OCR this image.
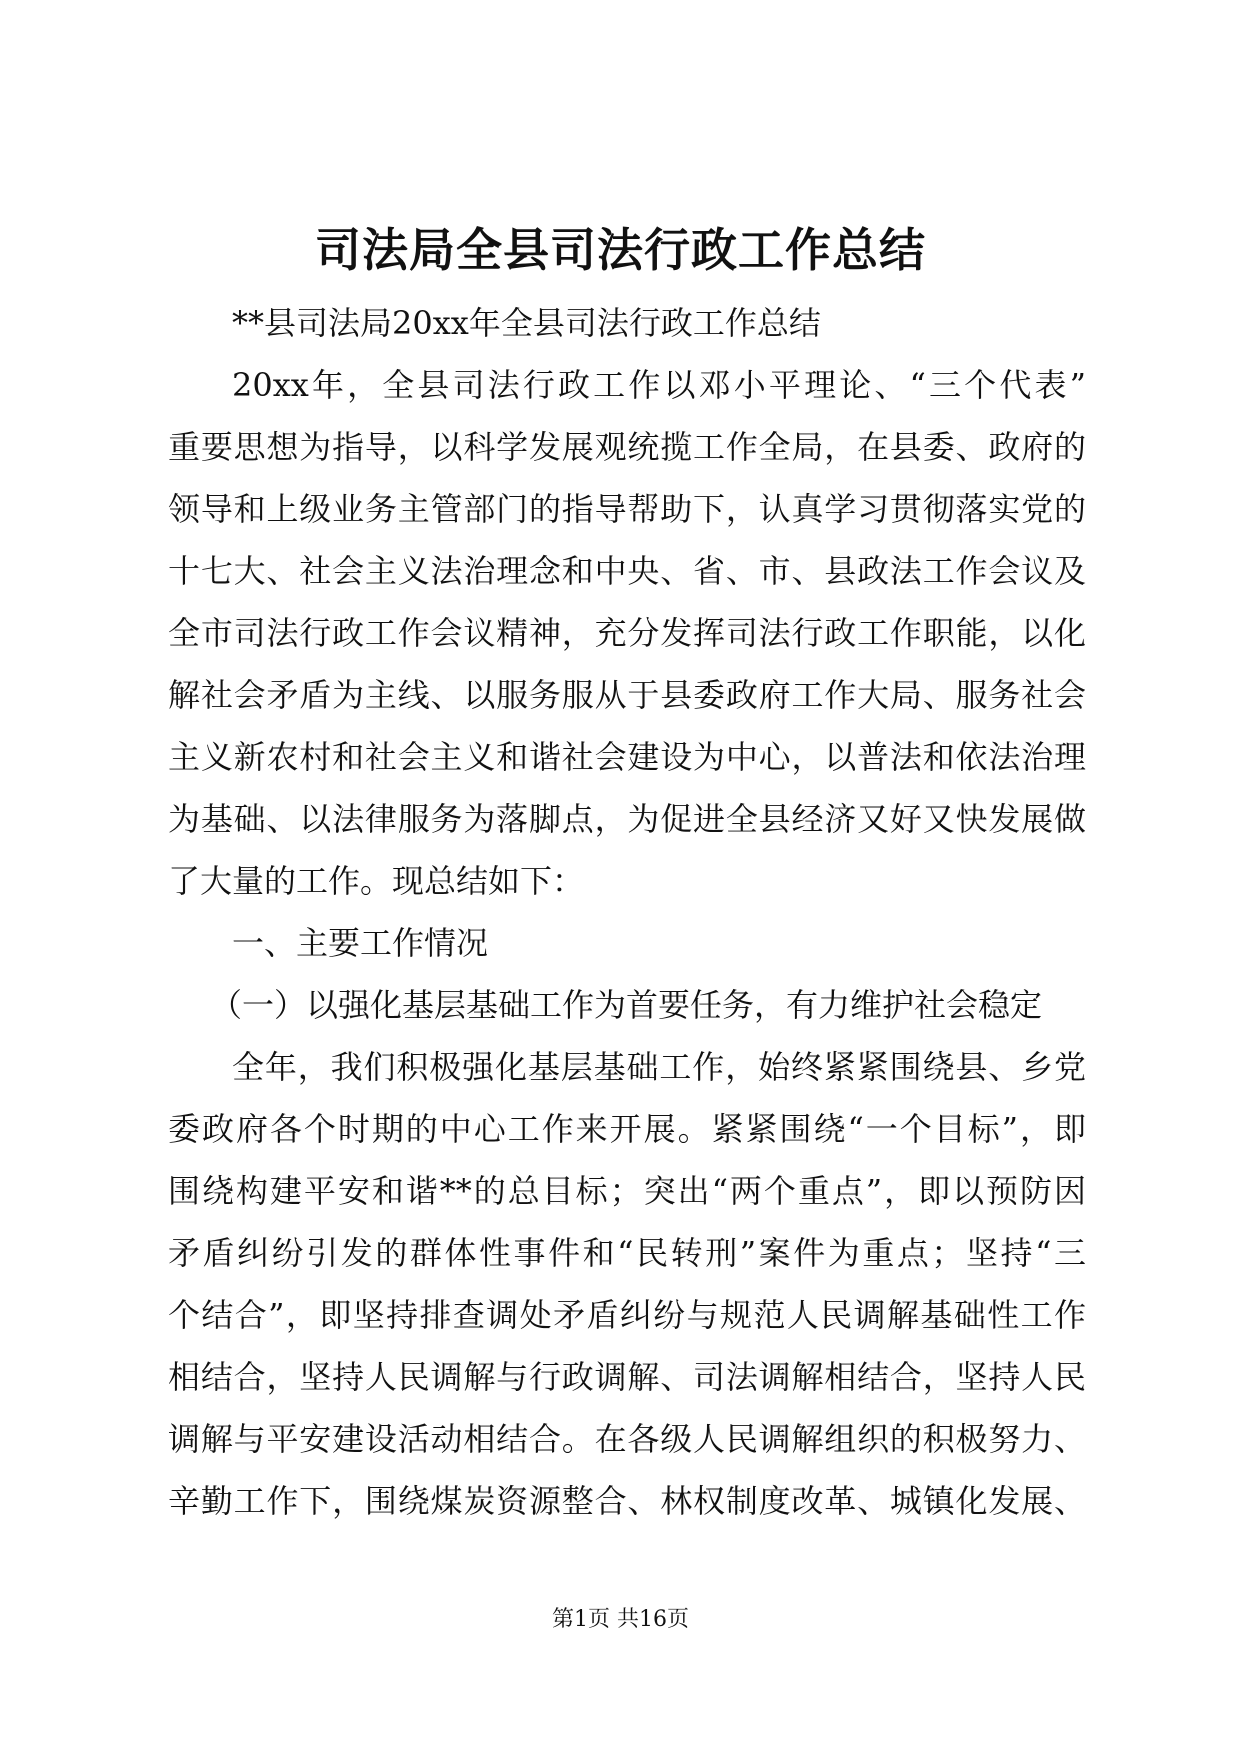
司法局全县司法行政工作总结
**县司法局20xx年全县司法行政工作总结
20xx年，全县司法行政工作以邓小平理论、“三个代表”
重要思想为指导，以科学发展观统揽工作全局，在县委、政府的
领导和上级业务主管部门的指导帮助下，认真学习贯彻落实党的
十七大、社会主义法治理念和中央、省、市、县政法工作会议及
全市司法行政工作会议精神，充分发挥司法行政工作职能，以化
解社会矛盾为主线、以服务服从于县委政府工作大局、服务社会
主义新农村和社会主义和谐社会建设为中心，以普法和依法治理
为基础、以法律服务为落脚点，为促进全县经济又好又快发展做
了大量的工作。现总结如下：
一、主要工作情况
（一）以强化基层基础工作为首要任务，有力维护社会稳定
全年，我们积极强化基层基础工作，始终紧紧围绕县、乡党
委政府各个时期的中心工作来开展。紧紧围绕“一个目标”，即
围绕构建平安和谐**的总目标；突出“两个重点”，即以预防因
矛盾纠纷引发的群体性事件和“民转刑”案件为重点；坚持“三
个结合”，即坚持排查调处矛盾纠纷与规范人民调解基础性工作
相结合，坚持人民调解与行政调解、司法调解相结合，坚持人民
调解与平安建设活动相结合。在各级人民调解组织的积极努力、
辛勤工作下，围绕煤炭资源整合、林权制度改革、城镇化发展、
第1页 共16页
